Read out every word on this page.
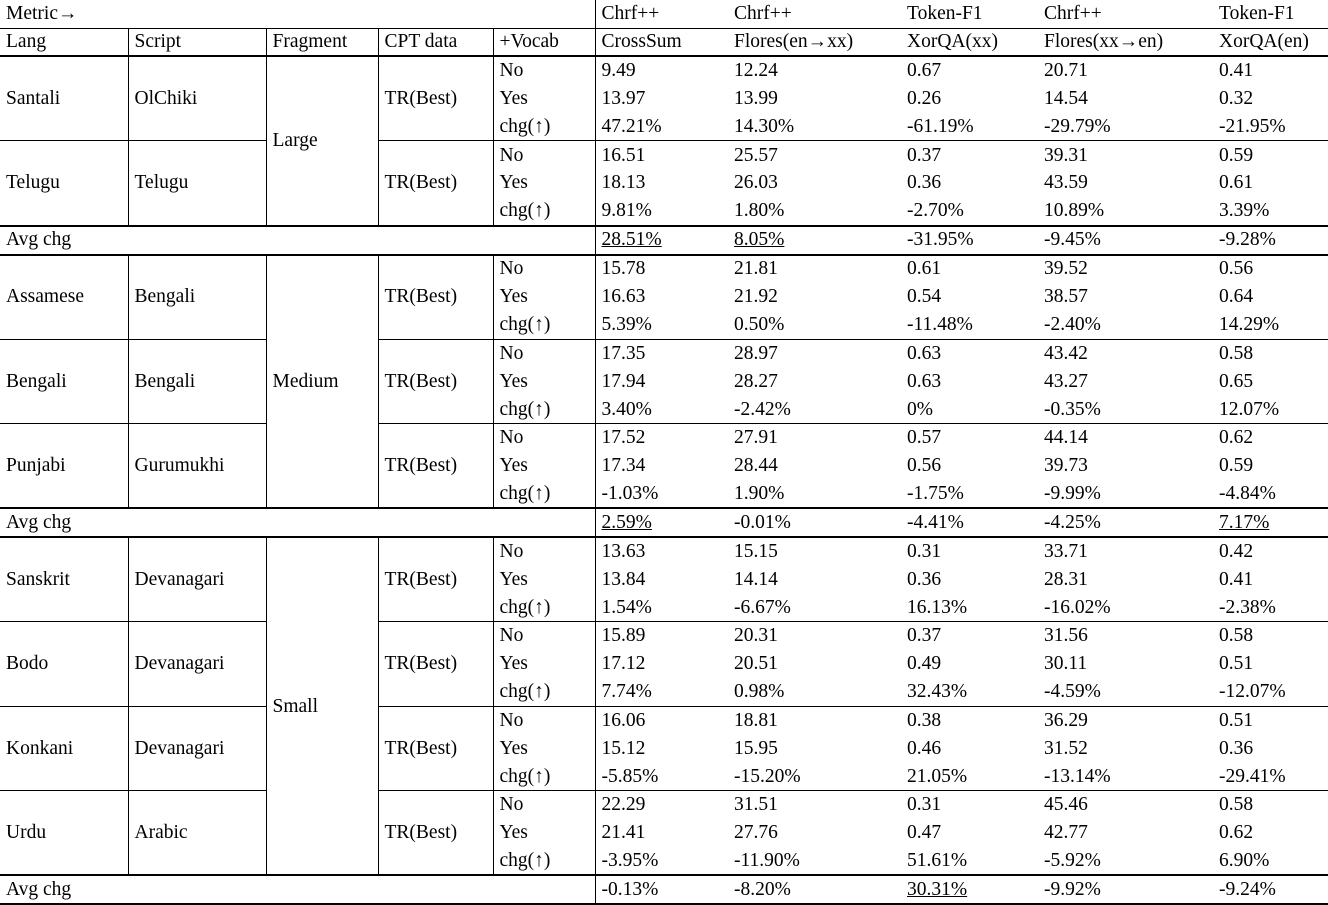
Metric→					Chrf++	Chrf++	Token-F1	Chrf++	Token-F1
Lang	Script	Fragment	CPT data	+Vocab	CrossSum	Flores(en→xx)	XorQA(xx)	Flores(xx→en)	XorQA(en)
Santali	OlChiki	Large	TR(Best)	No	9.49	12.24	0.67	20.71	0.41
				Yes	13.97	13.99	0.26	14.54	0.32
				chg(↑)	47.21%	14.30%	-61.19%	-29.79%	-21.95%
Telugu	Telugu		TR(Best)	No	16.51	25.57	0.37	39.31	0.59
				Yes	18.13	26.03	0.36	43.59	0.61
				chg(↑)	9.81%	1.80%	-2.70%	10.89%	3.39%
Avg chg					28.51%	8.05%	-31.95%	-9.45%	-9.28%
Assamese	Bengali	Medium	TR(Best)	No	15.78	21.81	0.61	39.52	0.56
				Yes	16.63	21.92	0.54	38.57	0.64
				chg(↑)	5.39%	0.50%	-11.48%	-2.40%	14.29%
Bengali	Bengali		TR(Best)	No	17.35	28.97	0.63	43.42	0.58
				Yes	17.94	28.27	0.63	43.27	0.65
				chg(↑)	3.40%	-2.42%	0%	-0.35%	12.07%
Punjabi	Gurumukhi		TR(Best)	No	17.52	27.91	0.57	44.14	0.62
				Yes	17.34	28.44	0.56	39.73	0.59
				chg(↑)	-1.03%	1.90%	-1.75%	-9.99%	-4.84%
Avg chg					2.59%	-0.01%	-4.41%	-4.25%	7.17%
Sanskrit	Devanagari	Small	TR(Best)	No	13.63	15.15	0.31	33.71	0.42
				Yes	13.84	14.14	0.36	28.31	0.41
				chg(↑)	1.54%	-6.67%	16.13%	-16.02%	-2.38%
Bodo	Devanagari		TR(Best)	No	15.89	20.31	0.37	31.56	0.58
				Yes	17.12	20.51	0.49	30.11	0.51
				chg(↑)	7.74%	0.98%	32.43%	-4.59%	-12.07%
Konkani	Devanagari		TR(Best)	No	16.06	18.81	0.38	36.29	0.51
				Yes	15.12	15.95	0.46	31.52	0.36
				chg(↑)	-5.85%	-15.20%	21.05%	-13.14%	-29.41%
Urdu	Arabic		TR(Best)	No	22.29	31.51	0.31	45.46	0.58
				Yes	21.41	27.76	0.47	42.77	0.62
				chg(↑)	-3.95%	-11.90%	51.61%	-5.92%	6.90%
Avg chg					-0.13%	-8.20%	30.31%	-9.92%	-9.24%
